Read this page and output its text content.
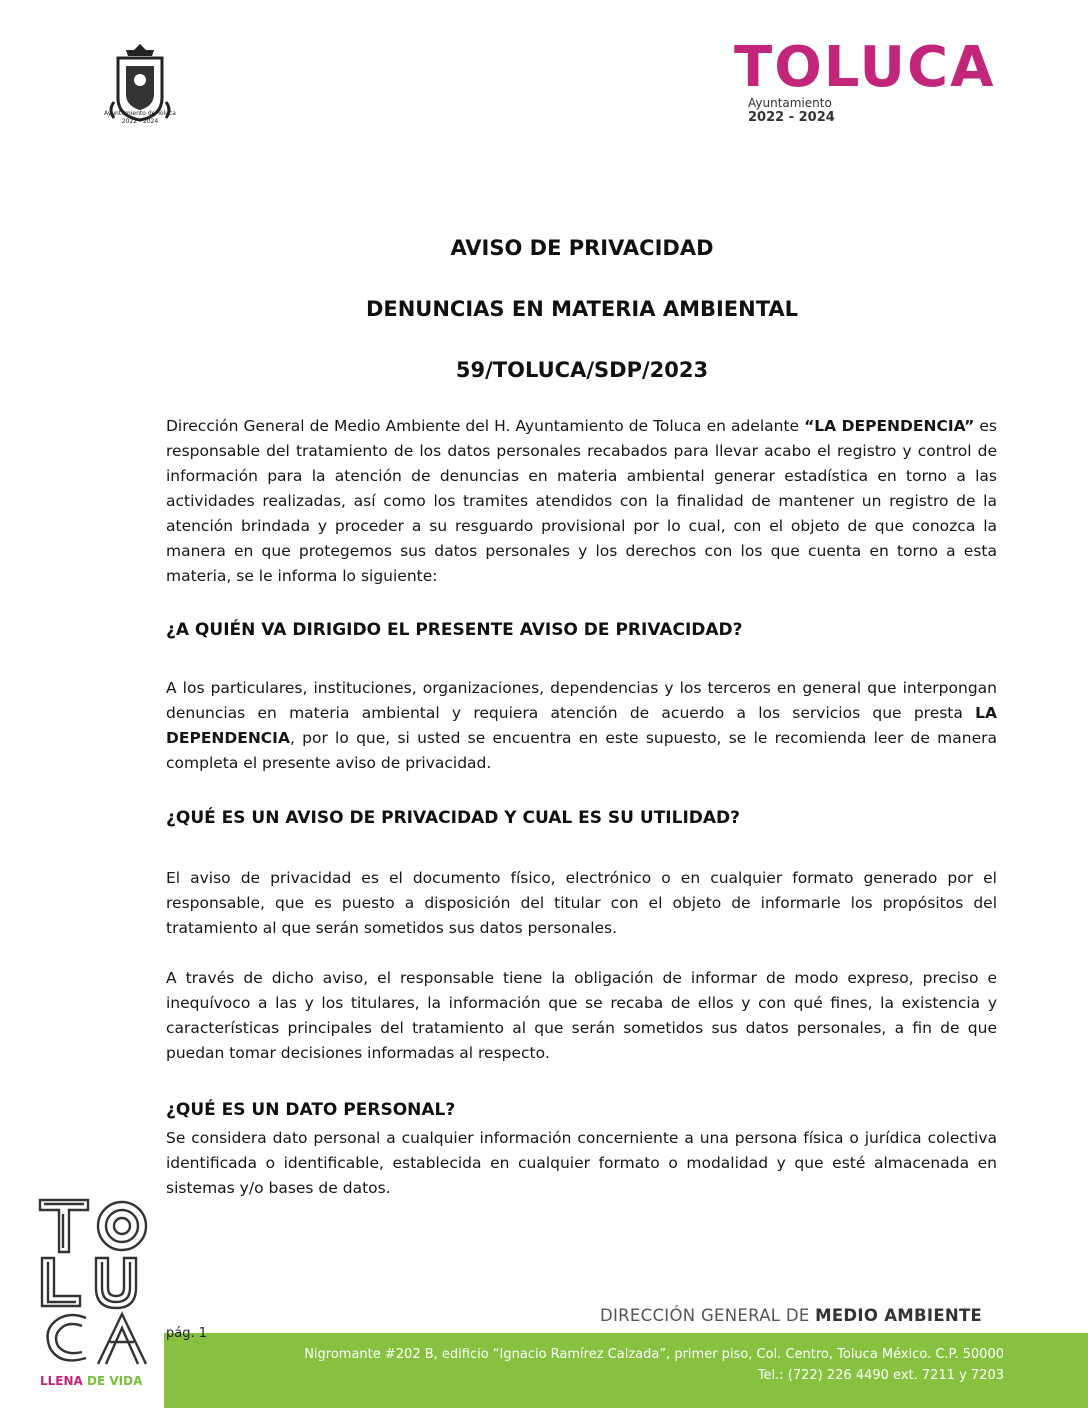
Ayuntamiento de Toluca
2022 - 2024
TOLUCA
Ayuntamiento
2022 - 2024
AVISO DE PRIVACIDAD
DENUNCIAS EN MATERIA AMBIENTAL
59/TOLUCA/SDP/2023
Dirección General de Medio Ambiente del H. Ayuntamiento de Toluca en adelante “LA DEPENDENCIA” es responsable del tratamiento de los datos personales recabados para llevar acabo el registro y control de información para la atención de denuncias en materia ambiental generar estadística en torno a las actividades realizadas, así como los tramites atendidos con la finalidad de mantener un registro de la atención brindada y proceder a su resguardo provisional por lo cual, con el objeto de que conozca la manera en que protegemos sus datos personales y los derechos con los que cuenta en torno a esta materia, se le informa lo siguiente:
¿A QUIÉN VA DIRIGIDO EL PRESENTE AVISO DE PRIVACIDAD?
A los particulares, instituciones, organizaciones, dependencias y los terceros en general que interpongan denuncias en materia ambiental y requiera atención de acuerdo a los servicios que presta LA DEPENDENCIA, por lo que, si usted se encuentra en este supuesto, se le recomienda leer de manera completa el presente aviso de privacidad.
¿QUÉ ES UN AVISO DE PRIVACIDAD Y CUAL ES SU UTILIDAD?
El aviso de privacidad es el documento físico, electrónico o en cualquier formato generado por el responsable, que es puesto a disposición del titular con el objeto de informarle los propósitos del tratamiento al que serán sometidos sus datos personales.
A través de dicho aviso, el responsable tiene la obligación de informar de modo expreso, preciso e inequívoco a las y los titulares, la información que se recaba de ellos y con qué fines, la existencia y características principales del tratamiento al que serán sometidos sus datos personales, a fin de que puedan tomar decisiones informadas al respecto.
¿QUÉ ES UN DATO PERSONAL?
Se considera dato personal a cualquier información concerniente a una persona física o jurídica colectiva identificada o identificable, establecida en cualquier formato o modalidad y que esté almacenada en sistemas y/o bases de datos.
LLENA DE VIDA
DIRECCIÓN GENERAL DE MEDIO AMBIENTE
pág. 1
Nigromante #202 B, edificio “Ignacio Ramírez Calzada”, primer piso, Col. Centro, Toluca México. C.P. 50000
Tel.: (722) 226 4490 ext. 7211 y 7203
